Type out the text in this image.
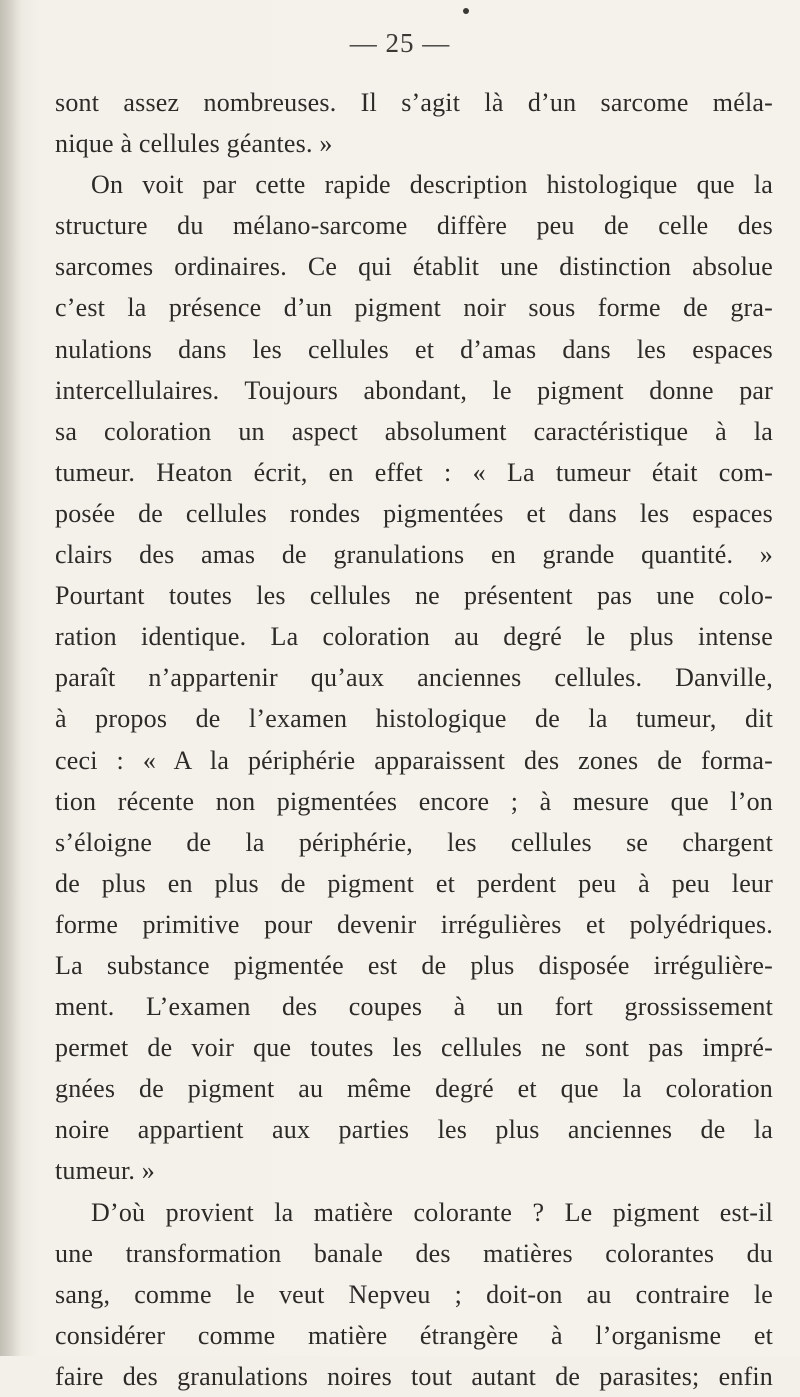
— 25 —
sont assez nombreuses. Il s’agit là d’un sarcome méla-
nique à cellules géantes. »
On voit par cette rapide description histologique que la
structure du mélano-sarcome diffère peu de celle des
sarcomes ordinaires. Ce qui établit une distinction absolue
c’est la présence d’un pigment noir sous forme de gra-
nulations dans les cellules et d’amas dans les espaces
intercellulaires. Toujours abondant, le pigment donne par
sa coloration un aspect absolument caractéristique à la
tumeur. Heaton écrit, en effet : « La tumeur était com-
posée de cellules rondes pigmentées et dans les espaces
clairs des amas de granulations en grande quantité. »
Pourtant toutes les cellules ne présentent pas une colo-
ration identique. La coloration au degré le plus intense
paraît n’appartenir qu’aux anciennes cellules. Danville,
à propos de l’examen histologique de la tumeur, dit
ceci : « A la périphérie apparaissent des zones de forma-
tion récente non pigmentées encore ; à mesure que l’on
s’éloigne de la périphérie, les cellules se chargent
de plus en plus de pigment et perdent peu à peu leur
forme primitive pour devenir irrégulières et polyédriques.
La substance pigmentée est de plus disposée irrégulière-
ment. L’examen des coupes à un fort grossissement
permet de voir que toutes les cellules ne sont pas impré-
gnées de pigment au même degré et que la coloration
noire appartient aux parties les plus anciennes de la
tumeur. »
D’où provient la matière colorante ? Le pigment est-il
une transformation banale des matières colorantes du
sang, comme le veut Nepveu ; doit-on au contraire le
considérer comme matière étrangère à l’organisme et
faire des granulations noires tout autant de parasites; enfin
